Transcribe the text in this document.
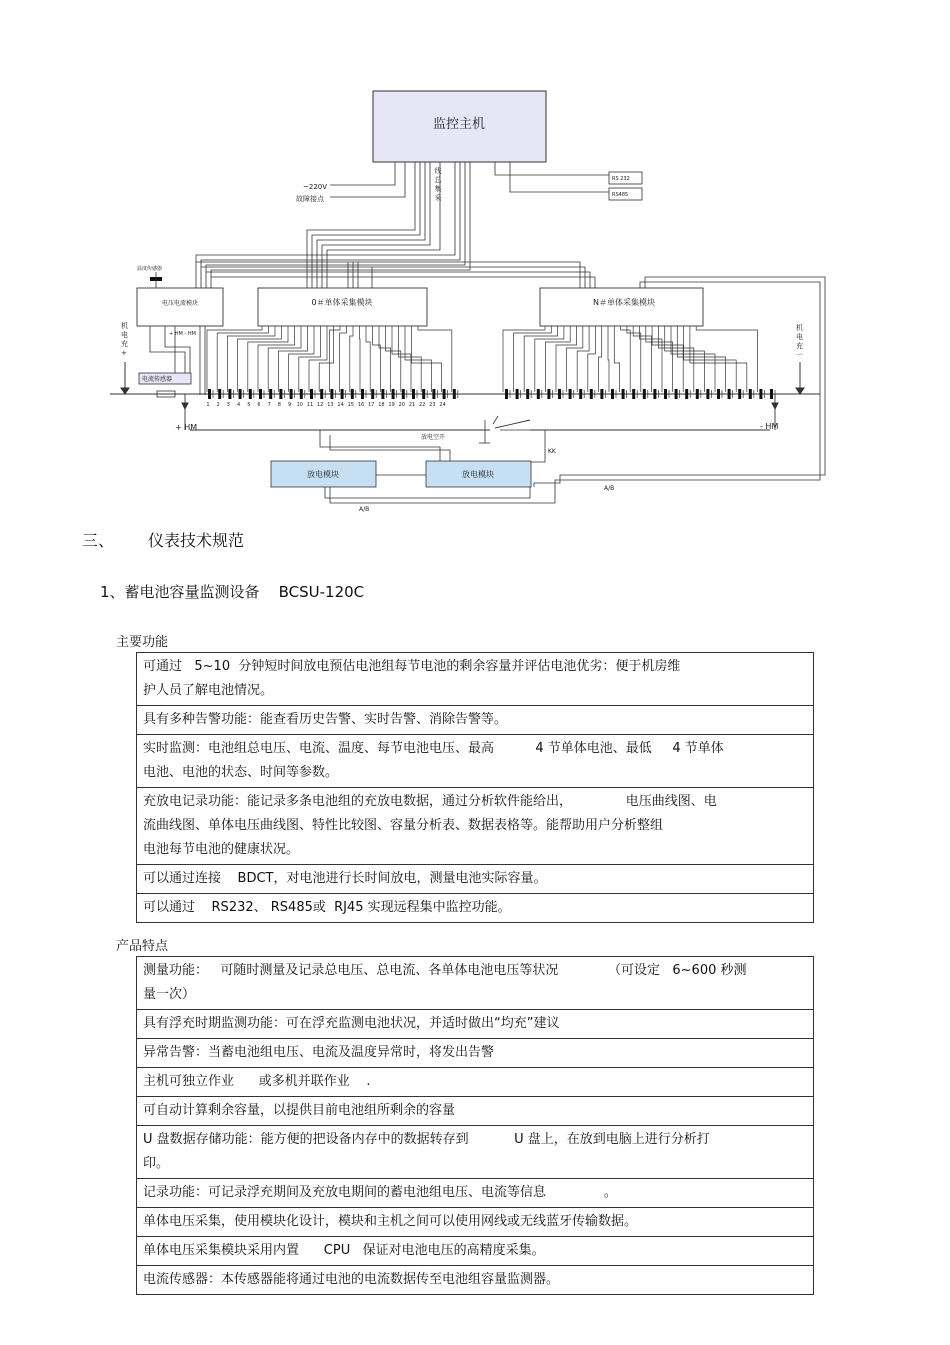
监控主机
线
总
集
采
RS 232
RS485
~220V
故障接点
温度传感器
电压电流模块
+ HM - HM
0＃单体采集模块	N＃单体采集模块
电流传感器
1 2 3 4 5 6 7 8 9 10 11 12 13 14 15 16 17 18 19 20 21 22 23 24
机
电
充
+
机
电
充
一
+ HM	- HM
放电空开
KK
放电模块	放电模块
A/B
A/B
三、 仪表技术规范
1、蓄电池容量监测设备    BCSU-120C
主要功能
可通过   5~10  分钟短时间放电预估电池组每节电池的剩余容量并评估电池优劣：便于机房维
护人员了解电池情况。
具有多种告警功能：能查看历史告警、实时告警、消除告警等。
实时监测：电池组总电压、电流、温度、每节电池电压、最高          4 节单体电池、最低     4 节单体
电池、电池的状态、时间等参数。
充放电记录功能：能记录多条电池组的充放电数据，通过分析软件能给出，             电压曲线图、电
流曲线图、单体电压曲线图、特性比较图、容量分析表、数据表格等。能帮助用户分析整组
电池每节电池的健康状况。
可以通过连接    BDCT，对电池进行长时间放电，测量电池实际容量。
可以通过    RS232、 RS485或  RJ45 实现远程集中监控功能。
产品特点
测量功能：   可随时测量及记录总电压、总电流、各单体电池电压等状况            （可设定   6~600 秒测
量一次）
具有浮充时期监测功能：可在浮充监测电池状况，并适时做出“均充”建议
异常告警：当蓄电池组电压、电流及温度异常时，将发出告警
主机可独立作业      或多机并联作业    .
可自动计算剩余容量，以提供目前电池组所剩余的容量
U 盘数据存储功能：能方便的把设备内存中的数据转存到           U 盘上，在放到电脑上进行分析打
印。
记录功能：可记录浮充期间及充放电期间的蓄电池组电压、电流等信息              。
单体电压采集，使用模块化设计，模块和主机之间可以使用网线或无线蓝牙传输数据。
单体电压采集模块采用内置      CPU   保证对电池电压的高精度采集。
电流传感器：本传感器能将通过电池的电流数据传至电池组容量监测器。
